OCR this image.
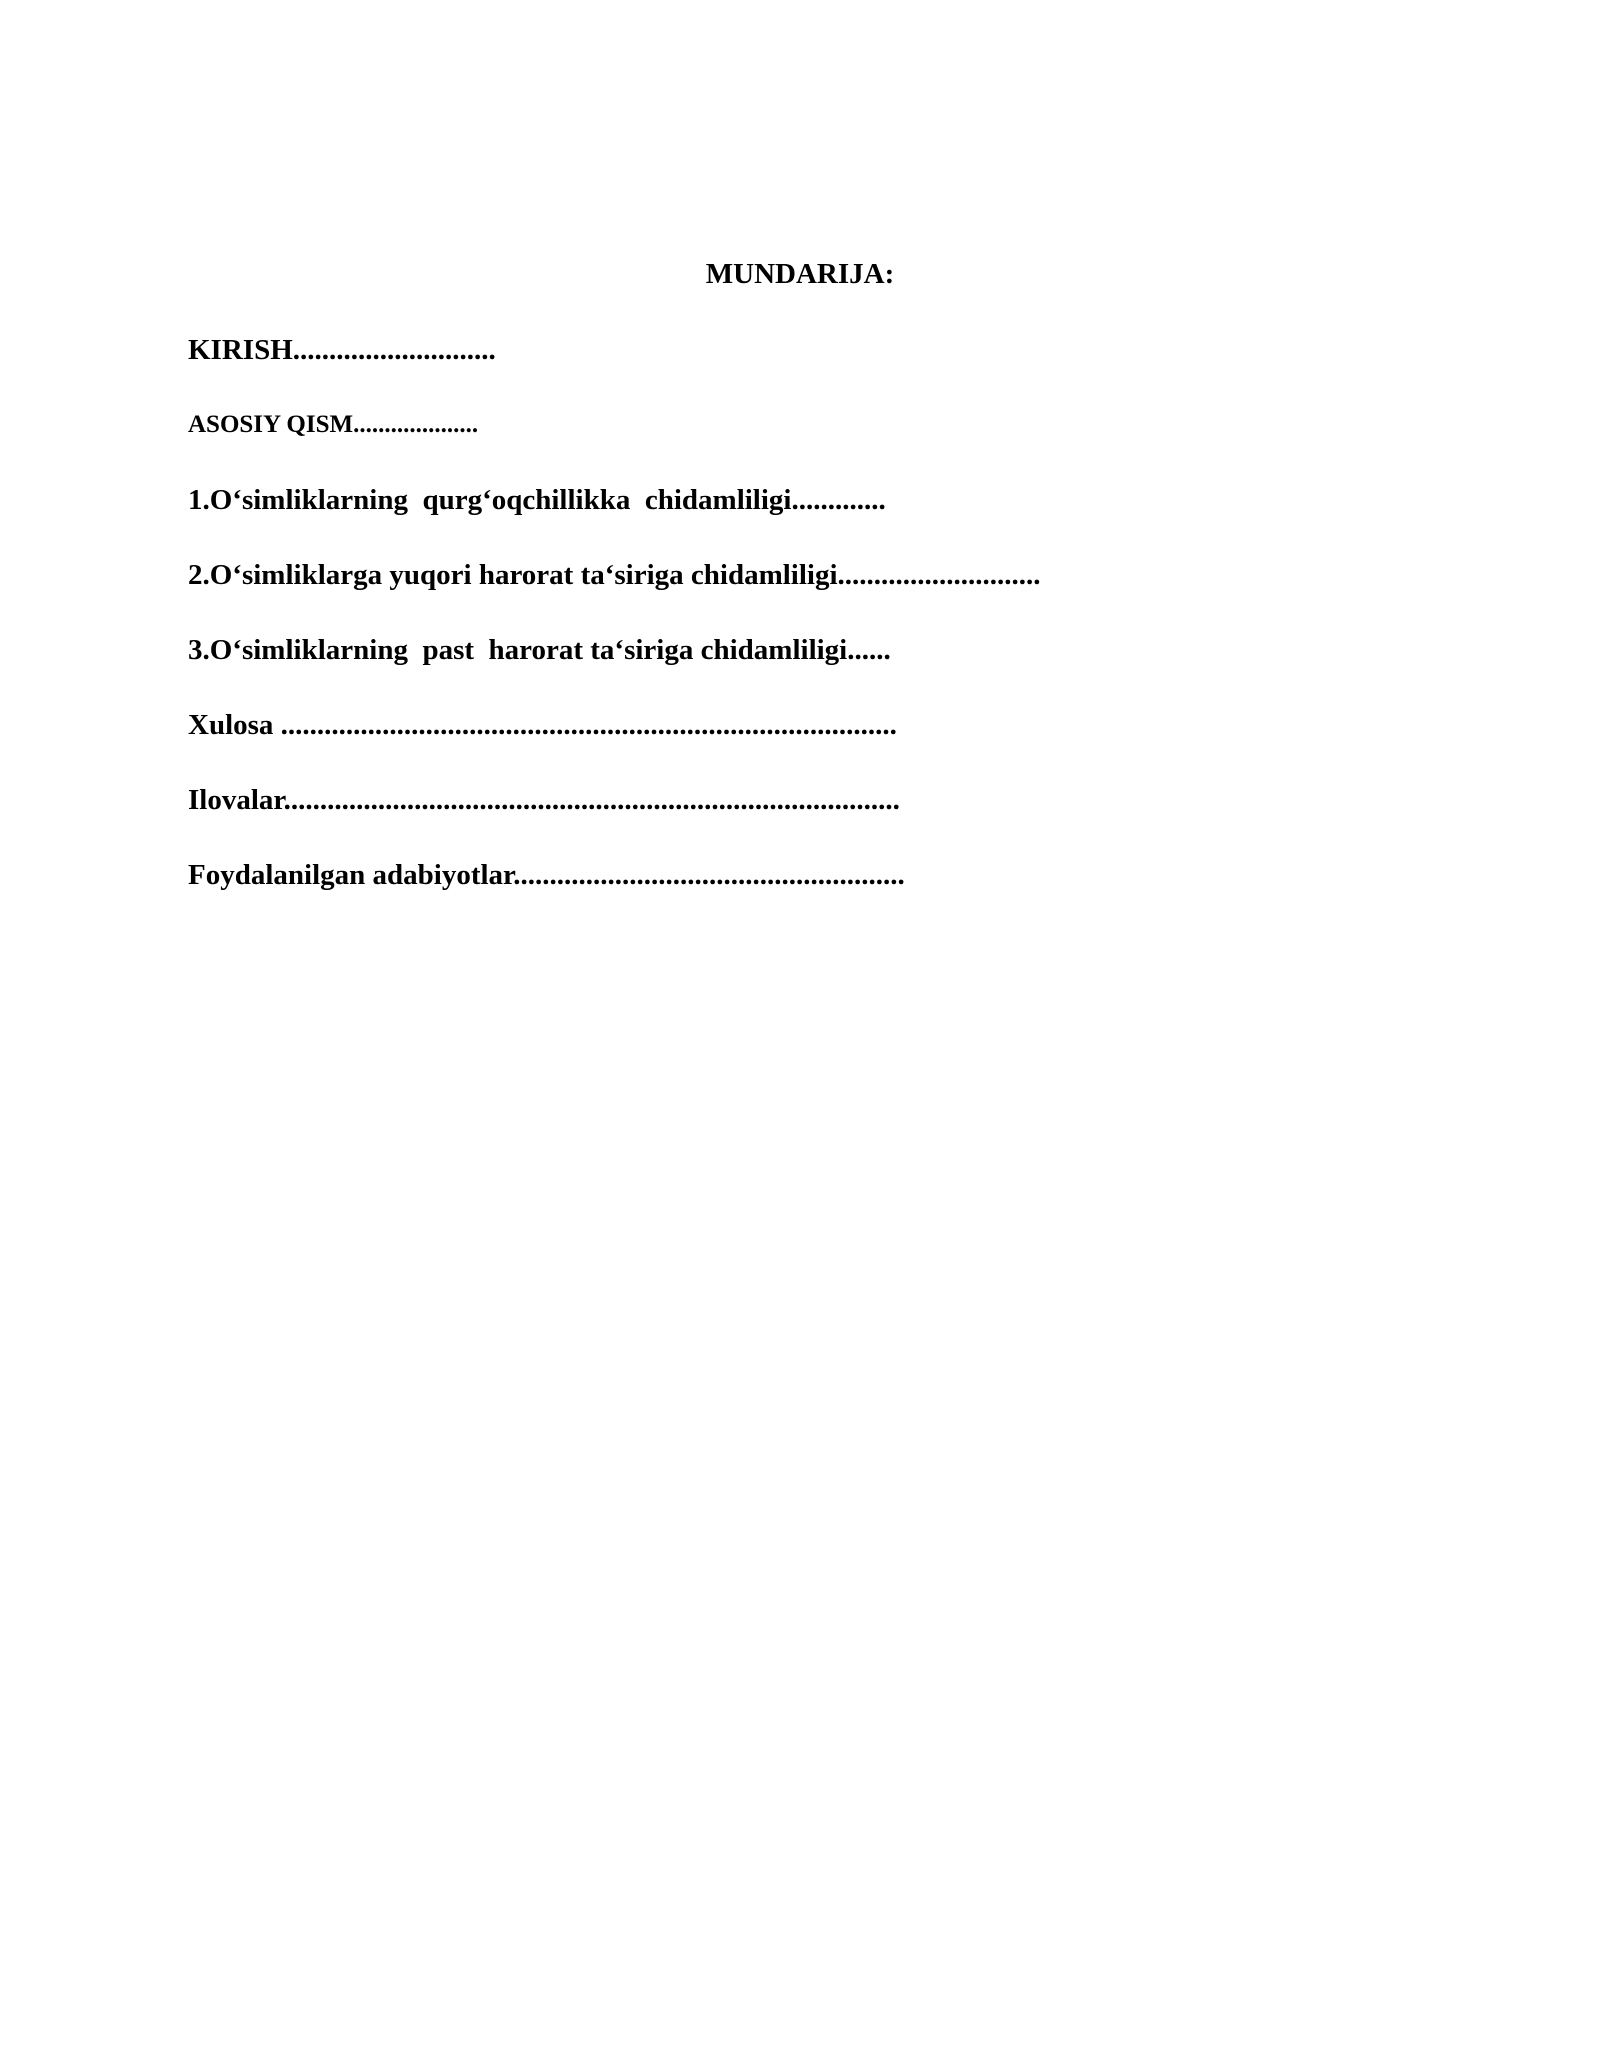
MUNDARIJA:
KIRISH............................
ASOSIY QISM....................
1.O‘simliklarning  qurg‘oqchillikka  chidamliligi.............
2.O‘simliklarga yuqori harorat ta‘siriga chidamliligi............................
3.O‘simliklarning  past  harorat ta‘siriga chidamliligi......
Xulosa .....................................................................................
Ilovalar.....................................................................................
Foydalanilgan adabiyotlar......................................................
